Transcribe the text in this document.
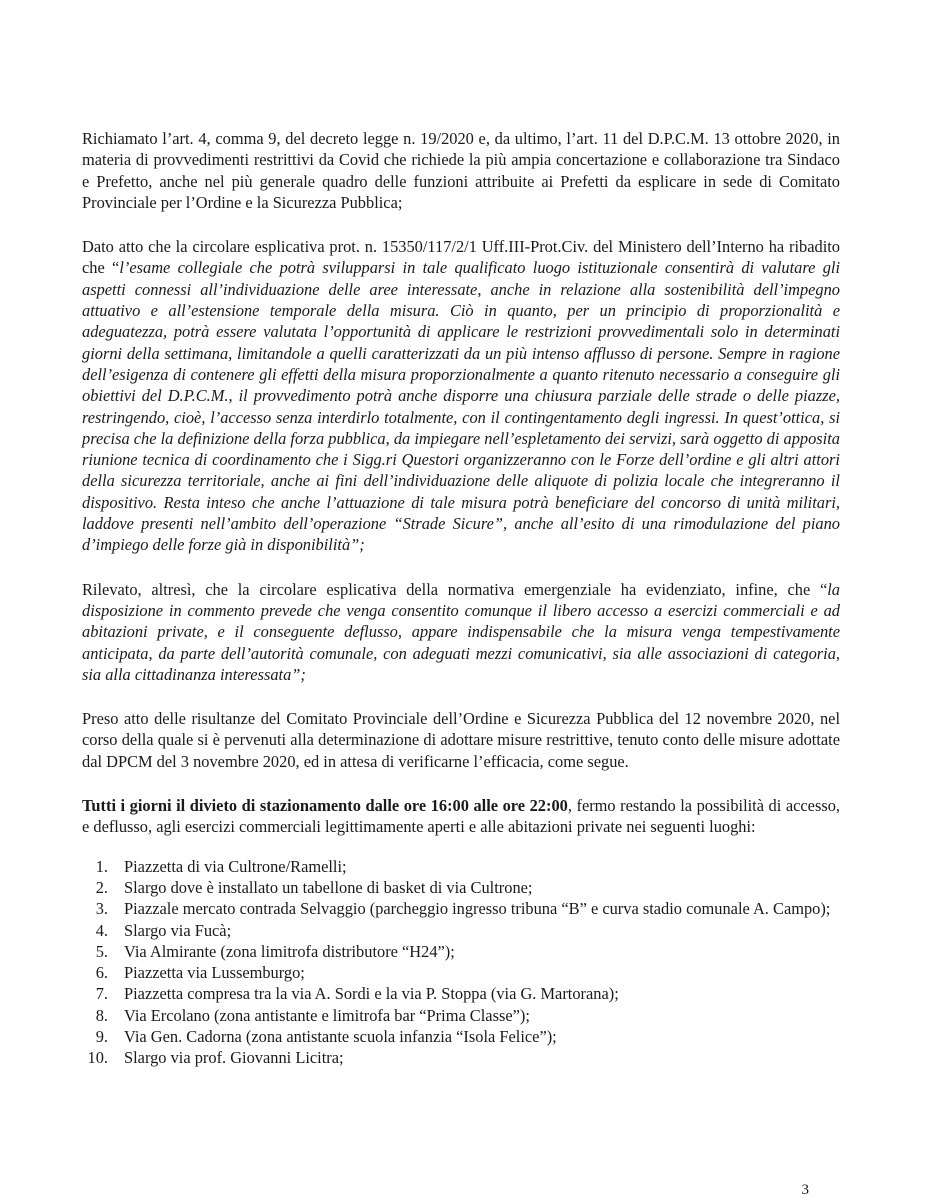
Richiamato l’art. 4, comma 9, del decreto legge n. 19/2020 e, da ultimo, l’art. 11 del D.P.C.M. 13 ottobre 2020, in materia di provvedimenti restrittivi da Covid che richiede la più ampia concertazione e collaborazione tra Sindaco e Prefetto, anche nel più generale quadro delle funzioni attribuite ai Prefetti da esplicare in sede di Comitato Provinciale per l’Ordine e la Sicurezza Pubblica;

Dato atto che la circolare esplicativa prot. n. 15350/117/2/1 Uff.III-Prot.Civ. del Ministero dell’Interno ha ribadito che “l’esame collegiale che potrà svilupparsi in tale qualificato luogo istituzionale consentirà di valutare gli aspetti connessi all’individuazione delle aree interessate, anche in relazione alla sostenibilità dell’impegno attuativo e all’estensione temporale della misura. Ciò in quanto, per un principio di proporzionalità e adeguatezza, potrà essere valutata l’opportunità di applicare le restrizioni provvedimentali solo in determinati giorni della settimana, limitandole a quelli caratterizzati da un più intenso afflusso di persone. Sempre in ragione dell’esigenza di contenere gli effetti della misura proporzionalmente a quanto ritenuto necessario a conseguire gli obiettivi del D.P.C.M., il provvedimento potrà anche disporre una chiusura parziale delle strade o delle piazze, restringendo, cioè, l’accesso senza interdirlo totalmente, con il contingentamento degli ingressi. In quest’ottica, si precisa che la definizione della forza pubblica, da impiegare nell’espletamento dei servizi, sarà oggetto di apposita riunione tecnica di coordinamento che i Sigg.ri Questori organizzeranno con le Forze dell’ordine e gli altri attori della sicurezza territoriale, anche ai fini dell’individuazione delle aliquote di polizia locale che integreranno il dispositivo. Resta inteso che anche l’attuazione di tale misura potrà beneficiare del concorso di unità militari, laddove presenti nell’ambito dell’operazione “Strade Sicure”, anche all’esito di una rimodulazione del piano d’impiego delle forze già in disponibilità”;

Rilevato, altresì, che la circolare esplicativa della normativa emergenziale ha evidenziato, infine, che “la disposizione in commento prevede che venga consentito comunque il libero accesso a esercizi commerciali e ad abitazioni private, e il conseguente deflusso, appare indispensabile che la misura venga tempestivamente anticipata, da parte dell’autorità comunale, con adeguati mezzi comunicativi, sia alle associazioni di categoria, sia alla cittadinanza interessata”;

Preso atto delle risultanze del Comitato Provinciale dell’Ordine e Sicurezza Pubblica del 12 novembre 2020, nel corso della quale si è pervenuti alla determinazione di adottare misure restrittive, tenuto conto delle misure adottate dal DPCM del 3 novembre 2020, ed in attesa di verificarne l’efficacia, come segue.

Tutti i giorni il divieto di stazionamento dalle ore 16:00 alle ore 22:00, fermo restando la possibilità di accesso, e deflusso, agli esercizi commerciali legittimamente aperti e alle abitazioni private nei seguenti luoghi:

1. Piazzetta di via Cultrone/Ramelli;
2. Slargo dove è installato un tabellone di basket di via Cultrone;
3. Piazzale mercato contrada Selvaggio (parcheggio ingresso tribuna “B” e curva stadio comunale A. Campo);
4. Slargo via Fucà;
5. Via Almirante (zona limitrofa distributore “H24”);
6. Piazzetta via Lussemburgo;
7. Piazzetta compresa tra la via A. Sordi e la via P. Stoppa (via G. Martorana);
8. Via Ercolano (zona antistante e limitrofa bar “Prima Classe”);
9. Via Gen. Cadorna (zona antistante scuola infanzia “Isola Felice”);
10. Slargo via prof. Giovanni Licitra;
3
